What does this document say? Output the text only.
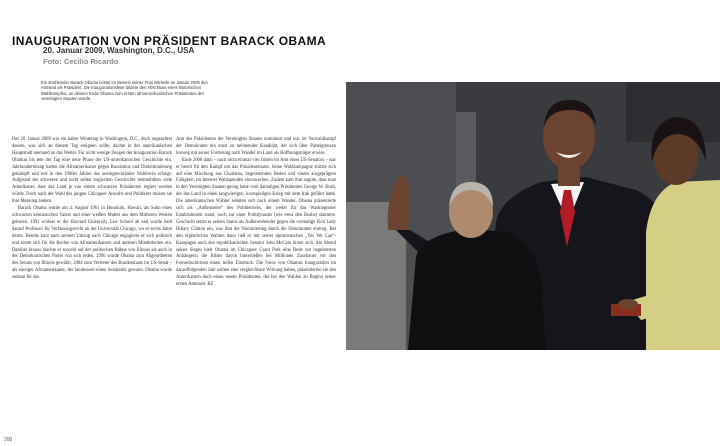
INAUGURATION VON PRÄSIDENT BARACK OBAMA
20. Januar 2009, Washington, D.C., USA
Foto: Cecilio Ricardo

Ein strahlender Barack Obama leistet im Beisein seiner Frau Michelle im Januar 2009 den Amtseid als Präsident. Die Inaugurationsfeier bildete den Abschluss eines historischen Wahlkampfes, an dessen Ende Obama zum ersten afroamerikanischen Präsidenten der Vereinigten Staaten wurde.

Der 20. Januar 2009 war ein kalter Wintertag in Washington, D.C., doch ungeachtet dessen, was sich an diesem Tag ereignen sollte, dachte in der amerikanischen Hauptstadt niemand an das Wetter. Für nicht wenige Zeugen der Inauguration Barack Obamas bis tete der Tag eine neue Phase der US-amerikanischen Geschichte ein. Jahrhundertelang hatten die Afroamerikaner gegen Rassismus und Diskriminierung gekämpft und erst in den 1960er Jahren das uneingeschränkte Wahlrecht erlangt. Aufgrund der schweren und nicht selten tragischen Geschichte beinteilidten viele Amerikaner, dass das Land je von einem schwarzen Präsidenten regiert werden würde. Doch nach der Wahl des jungen Chicagoer Anwalts und Politikers musste sie ihre Meinung ändern.

Barack Obama wurde am 4. August 1961 in Honolulu, Hawaii, als Sohn eines schwarzen kenianischen Vaters und einer weißen Mutter aus dem Mittleren Westen geboren. 1991 schloss er die Harvard University Law School ab und wurde bald darauf Professor für Verfassungsrecht an der Universität Chicago, wo er sechs Jahre lehrte. Bereits kurz nach seinem Umzug nach Chicago engagierte er sich politisch und setzte sich für die Rechte von Afroamerikanern und anderen Minderheiten ein. Darüber hinaus machte er sowohl auf der politischen Bühne von Illinois als auch in der Demokratischen Partei von sich reden. 1996 wurde Obama zum Abgeordneten des Senats von Illinois gewählt, 2004 zum Vertreter des Bundesstaats im US-Senat – als einziger Afroamerikaner, der landesweit einen Senatssitz gewann. Obama wurde sodann für das

Amt des Präsidenten der Vereinigten Staaten nominiert und war im Vorwahlkampf der Demokraten ein ernst zu nehmender Kandidat, der sich über Parteigrenzen hinweg mit seiner Forderung nach Wandel im Land als Hoffnungsträger erwies.

Ende 2008 dann – nach nicht einmal vier Jahren im Amt eines US-Senators – war er bereit für den Kampf um das Präsidentenamt. Seine Wahlkampagne stützte sich auf eine Mischung aus Charisma, begeisternden Reden und einem ausgeprägten Fähigkeit, im Internet Wahlspenden einzuwerben. Zudem kam ihm zugute, dass man in den Vereinigten Staaten genug hatte vom damaligen Präsidenten George W. Bush, der das Land in einen langwierigen, kostspieligen Krieg mit dem Irak geführt hatte. Die amerikanischen Wähler sehnten sich nach einem Wandel. Obama präsentierte sich als „Außenseiter“ des Politbetriebs, der weder für das Washingtoner Establishment stand, noch zur einer Politdynastie (wie etwa den Bushs) stammte. Geschickt setzte er seinen Status als Außenstehender gegen die vormalige First Lady Hillary Clinton ein, was ihm die Nominierung durch die Demokraten eintrug. Bei den eigentlichen Wahlen dann ließ er mit seiner optimistischen „Yes We Can“-Kampagne auch den republikanischen Senator John McCain hinter sich. Am Abend seines Sieges hielt Obama im Chicagoer Grant Park eine Rede vor begeisterten Anhängern; die Bilder davon hinterließen bei Millionen Zuschauer vor den Fernsehschirmen einen tiefen Eindruck. Die Fotos von Obamas Inauguration im darauffolgenden Jahr sollten eine vergleichbare Wirkung haben, präsentierten sie den Amerikanern doch einen neuen Präsidenten, der bei den Wahlen zu Beginn seiner ersten Amtszeit. RZ

200
